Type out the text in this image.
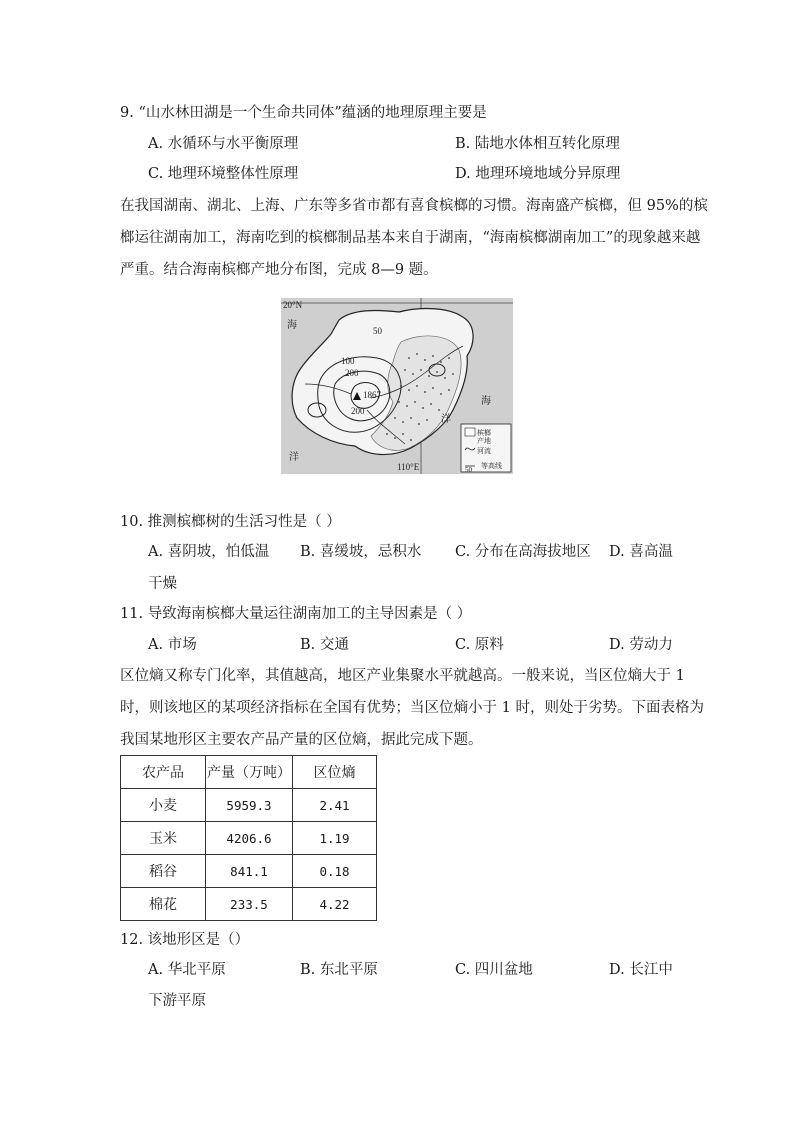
9. “山水林田湖是一个生命共同体”蕴涵的地理原理主要是
A. 水循环与水平衡原理	B. 陆地水体相互转化原理
C. 地理环境整体性原理	D. 地理环境地域分异原理
在我国湖南、湖北、上海、广东等多省市都有喜食槟榔的习惯。海南盛产槟榔，但 95%的槟
榔运往湖南加工，海南吃到的槟榔制品基本来自于湖南，“海南槟榔湖南加工”的现象越来越
严重。结合海南槟榔产地分布图，完成 8—9 题。
20°N
海
海
洋
洋
50
100
200
200
1867
110°E
槟榔
产地
河流
等高线
50
10. 推测槟榔树的生活习性是（ ）
A. 喜阴坡，怕低温 B. 喜缓坡，忌积水 C. 分布在高海拔地区 D. 喜高温
干燥
11. 导致海南槟榔大量运往湖南加工的主导因素是（ ）
A. 市场	B. 交通	C. 原料	D. 劳动力
区位熵又称专门化率，其值越高，地区产业集聚水平就越高。一般来说，当区位熵大于 1
时，则该地区的某项经济指标在全国有优势；当区位熵小于 1 时，则处于劣势。下面表格为
我国某地形区主要农产品产量的区位熵，据此完成下题。
农产品	产量（万吨）	区位熵
小麦	5959.3	2.41
玉米	4206.6	1.19
稻谷	841.1	0.18
棉花	233.5	4.22
12. 该地形区是（）
A. 华北平原	B. 东北平原	C. 四川盆地	D. 长江中
下游平原
